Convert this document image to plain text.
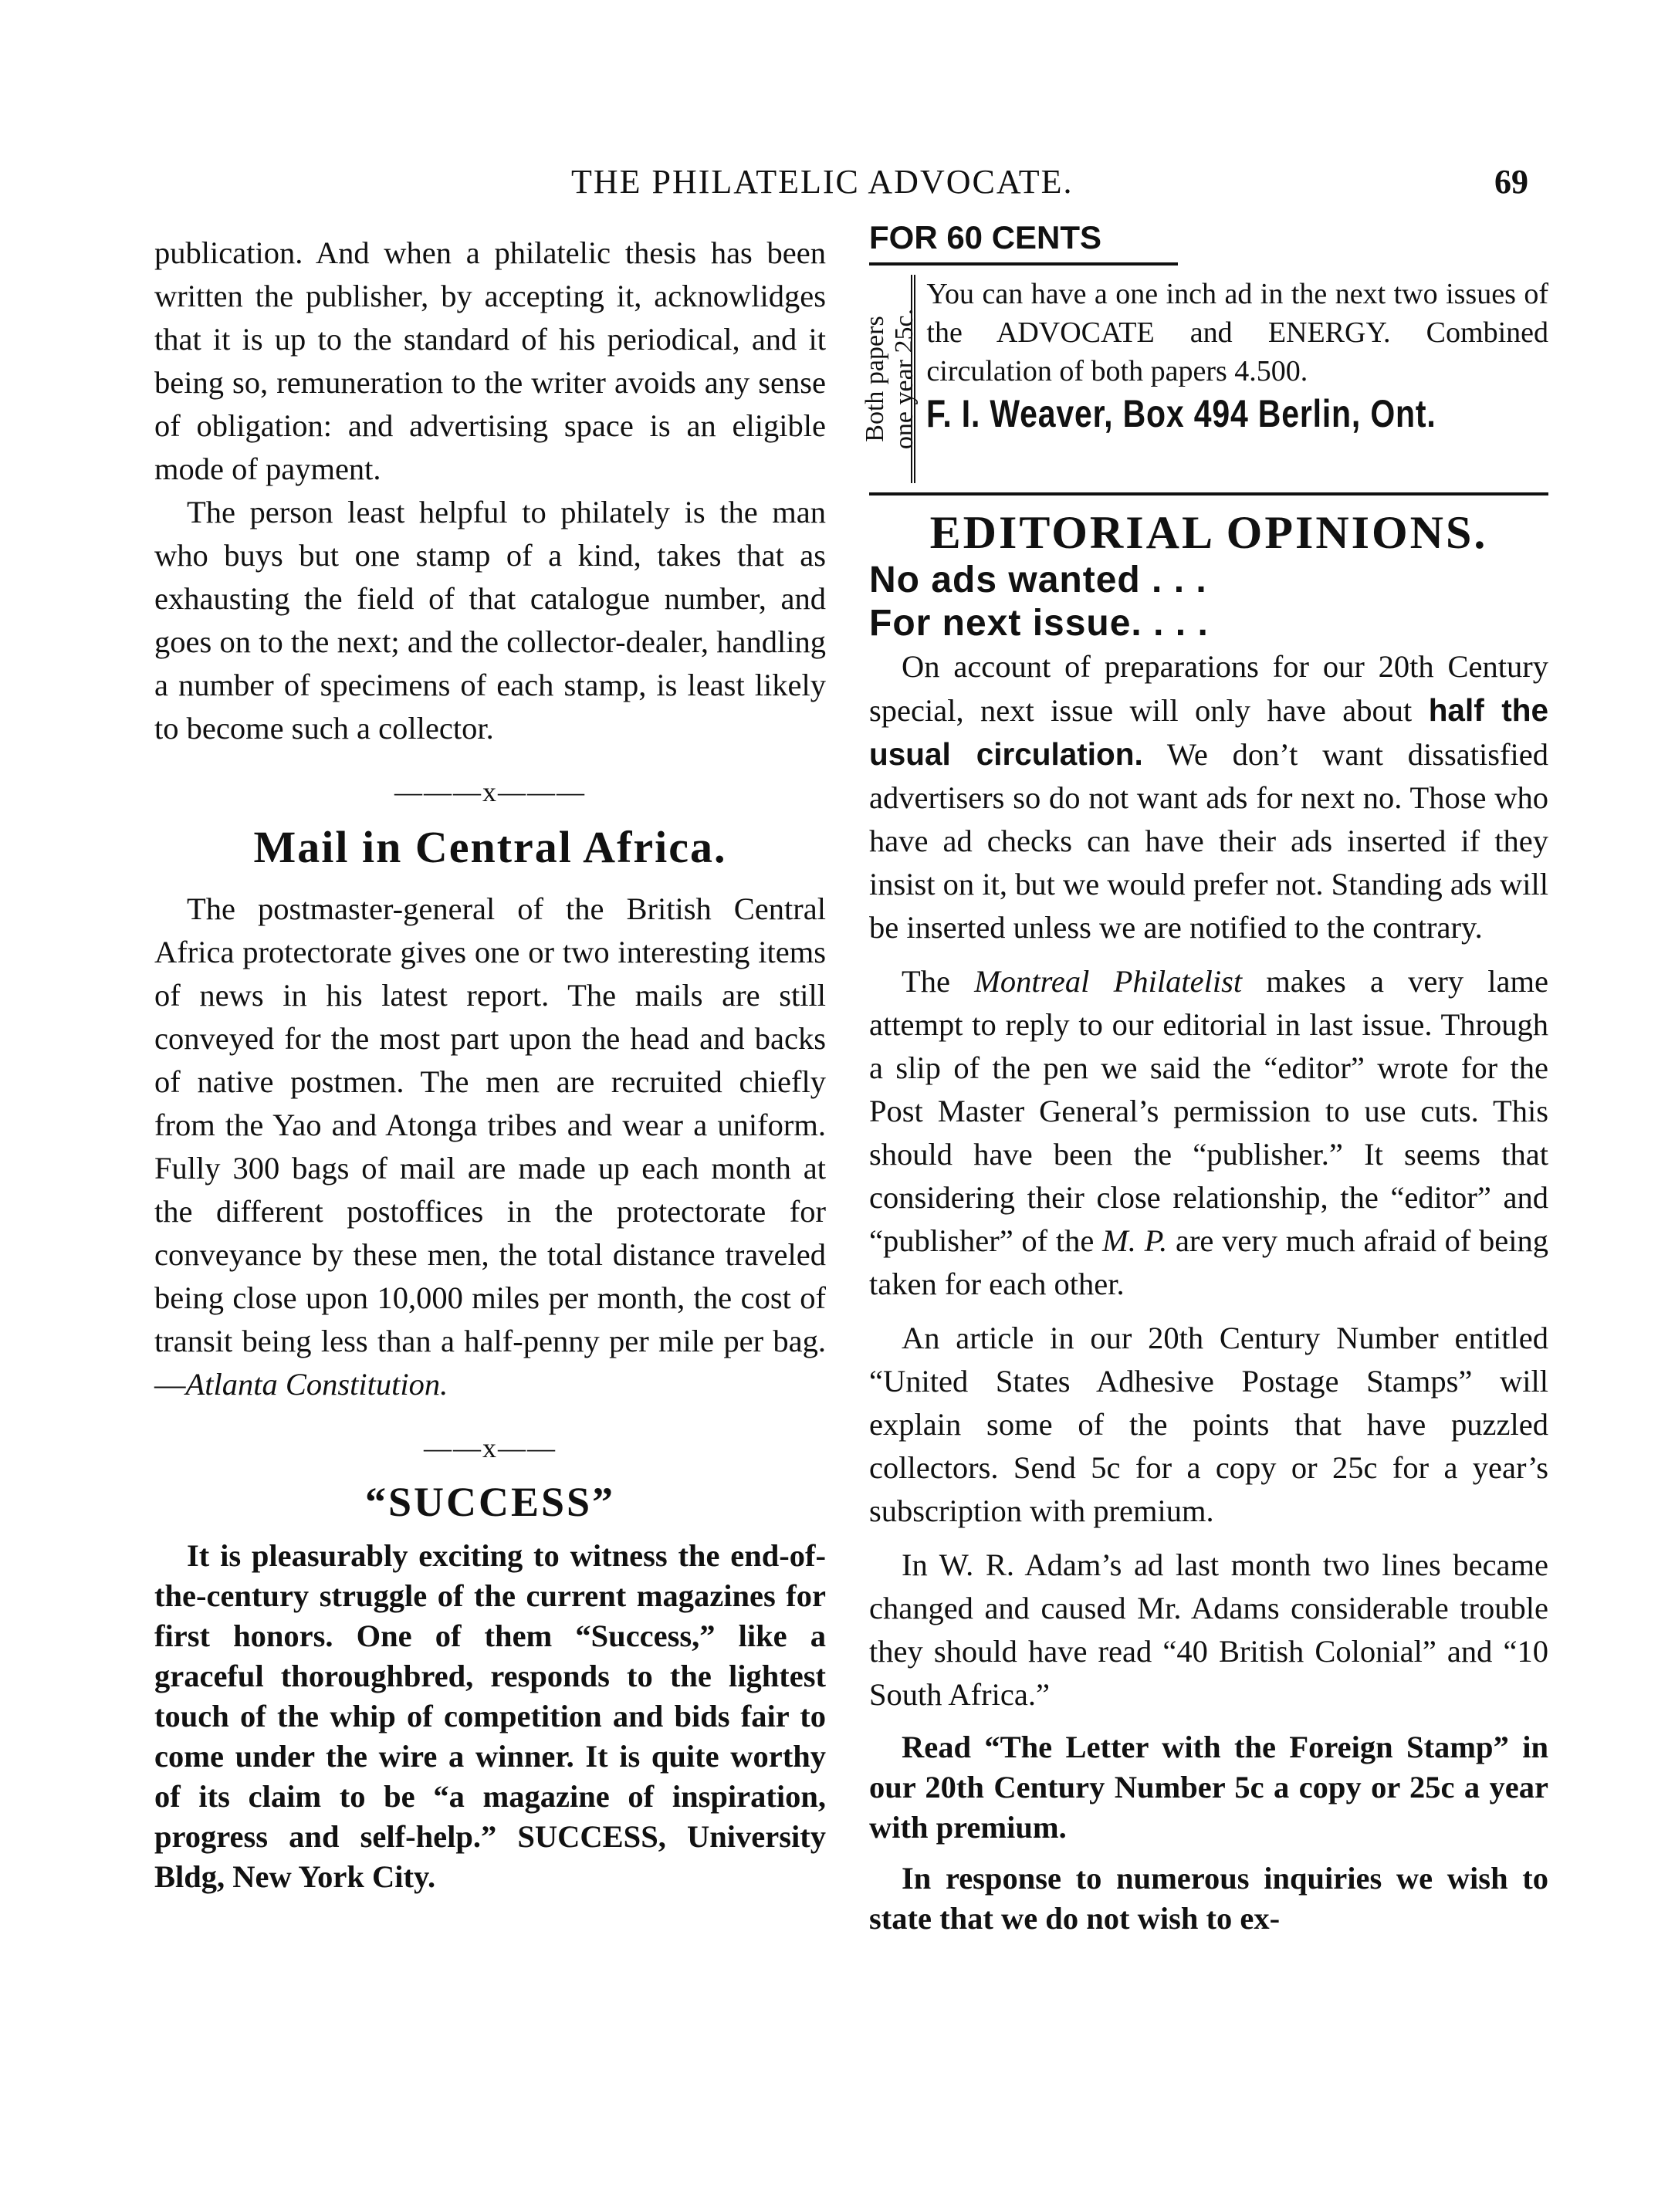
THE PHILATELIC ADVOCATE.	69

publication. And when a philatelic thesis has been written the publisher, by accepting it, acknowlidges that it is up to the standard of his periodical, and it being so, remuneration to the writer avoids any sense of obligation: and advertising space is an eligible mode of payment.

The person least helpful to philately is the man who buys but one stamp of a kind, takes that as exhausting the field of that catalogue number, and goes on to the next; and the collector-dealer, handling a number of specimens of each stamp, is least likely to become such a collector.

———x———
Mail in Central Africa.

The postmaster-general of the British Central Africa protectorate gives one or two interesting items of news in his latest report. The mails are still conveyed for the most part upon the head and backs of native postmen. The men are recruited chiefly from the Yao and Atonga tribes and wear a uniform. Fully 300 bags of mail are made up each month at the different postoffices in the protectorate for conveyance by these men, the total distance traveled being close upon 10,000 miles per month, the cost of transit being less than a half-penny per mile per bag.—Atlanta Constitution.

——x——
“SUCCESS”

It is pleasurably exciting to witness the end-of-the-century struggle of the current magazines for first honors. One of them “Success,” like a graceful thoroughbred, responds to the lightest touch of the whip of competition and bids fair to come under the wire a winner. It is quite worthy of its claim to be “a magazine of inspiration, progress and self-help.” SUCCESS, University Bldg, New York City.

FOR 60 CENTS
Both papers one year 25c.

You can have a one inch ad in the next two issues of the ADVOCATE and ENERGY. Combined circulation of both papers 4.500.

F. I. Weaver, Box 494 Berlin, Ont.
EDITORIAL OPINIONS.
No ads wanted . . .
For next issue. . . .

On account of preparations for our 20th Century special, next issue will only have about half the usual circulation. We don’t want dissatisfied advertisers so do not want ads for next no. Those who have ad checks can have their ads inserted if they insist on it, but we would prefer not. Standing ads will be inserted unless we are notified to the contrary.

The Montreal Philatelist makes a very lame attempt to reply to our editorial in last issue. Through a slip of the pen we said the “editor” wrote for the Post Master General’s permission to use cuts. This should have been the “publisher.” It seems that considering their close relationship, the “editor” and “publisher” of the M. P. are very much afraid of being taken for each other.

An article in our 20th Century Number entitled “United States Adhesive Postage Stamps” will explain some of the points that have puzzled collectors. Send 5c for a copy or 25c for a year’s subscription with premium.

In W. R. Adam’s ad last month two lines became changed and caused Mr. Adams considerable trouble they should have read “40 British Colonial” and “10 South Africa.”

Read “The Letter with the Foreign Stamp” in our 20th Century Number 5c a copy or 25c a year with premium.

In response to numerous inquiries we wish to state that we do not wish to ex-
